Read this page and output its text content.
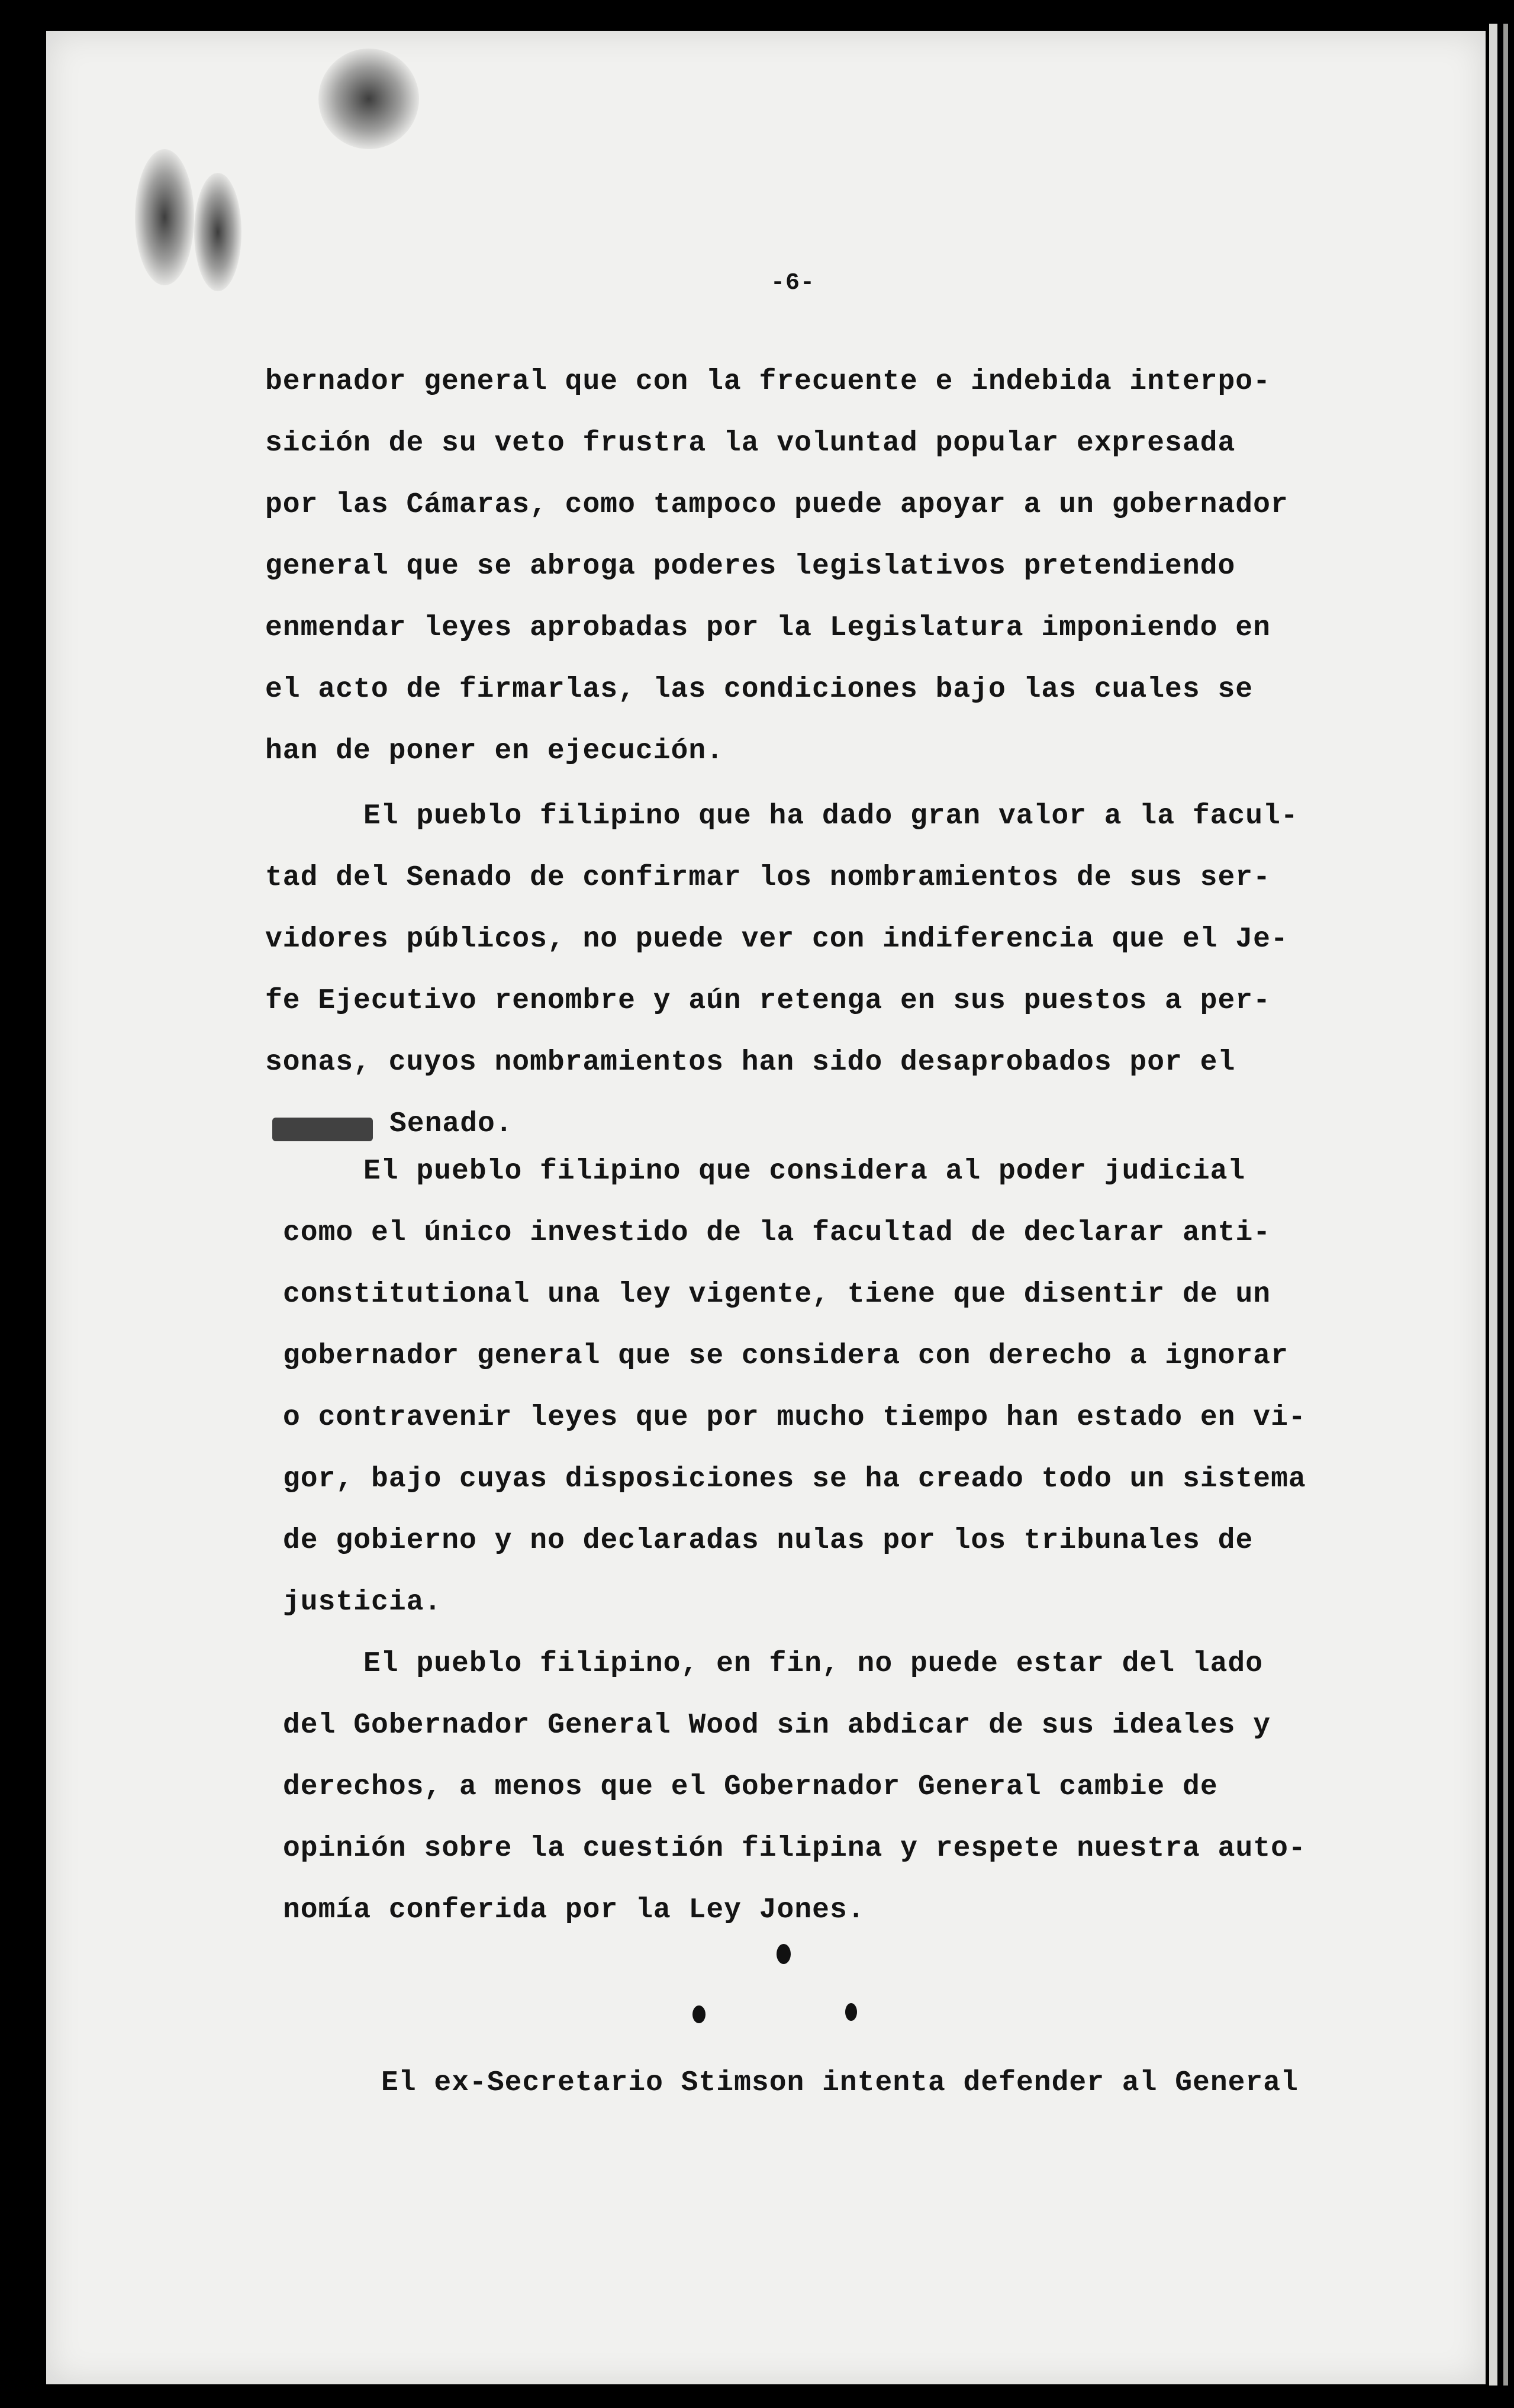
-6-
bernador general que con la frecuente e indebida interpo-
sición de su veto frustra la voluntad popular expresada
por las Cámaras, como tampoco puede apoyar a un gobernador
general que se abroga poderes legislativos pretendiendo
enmendar leyes aprobadas por la Legislatura imponiendo en
el acto de firmarlas, las condiciones bajo las cuales se
han de poner en ejecución.
El pueblo filipino que ha dado gran valor a la facul-
tad del Senado de confirmar los nombramientos de sus ser-
vidores públicos, no puede ver con indiferencia que el Je-
fe Ejecutivo renombre y aún retenga en sus puestos a per-
sonas, cuyos nombramientos han sido desaprobados por el
Senado.
El pueblo filipino que considera al poder judicial
como el único investido de la facultad de declarar anti-
constitutional una ley vigente, tiene que disentir de un
gobernador general que se considera con derecho a ignorar
o contravenir leyes que por mucho tiempo han estado en vi-
gor, bajo cuyas disposiciones se ha creado todo un sistema
de gobierno y no declaradas nulas por los tribunales de
justicia.
El pueblo filipino, en fin, no puede estar del lado
del Gobernador General Wood sin abdicar de sus ideales y
derechos, a menos que el Gobernador General cambie de
opinión sobre la cuestión filipina y respete nuestra auto-
nomía conferida por la Ley Jones.
El ex-Secretario Stimson intenta defender al General
